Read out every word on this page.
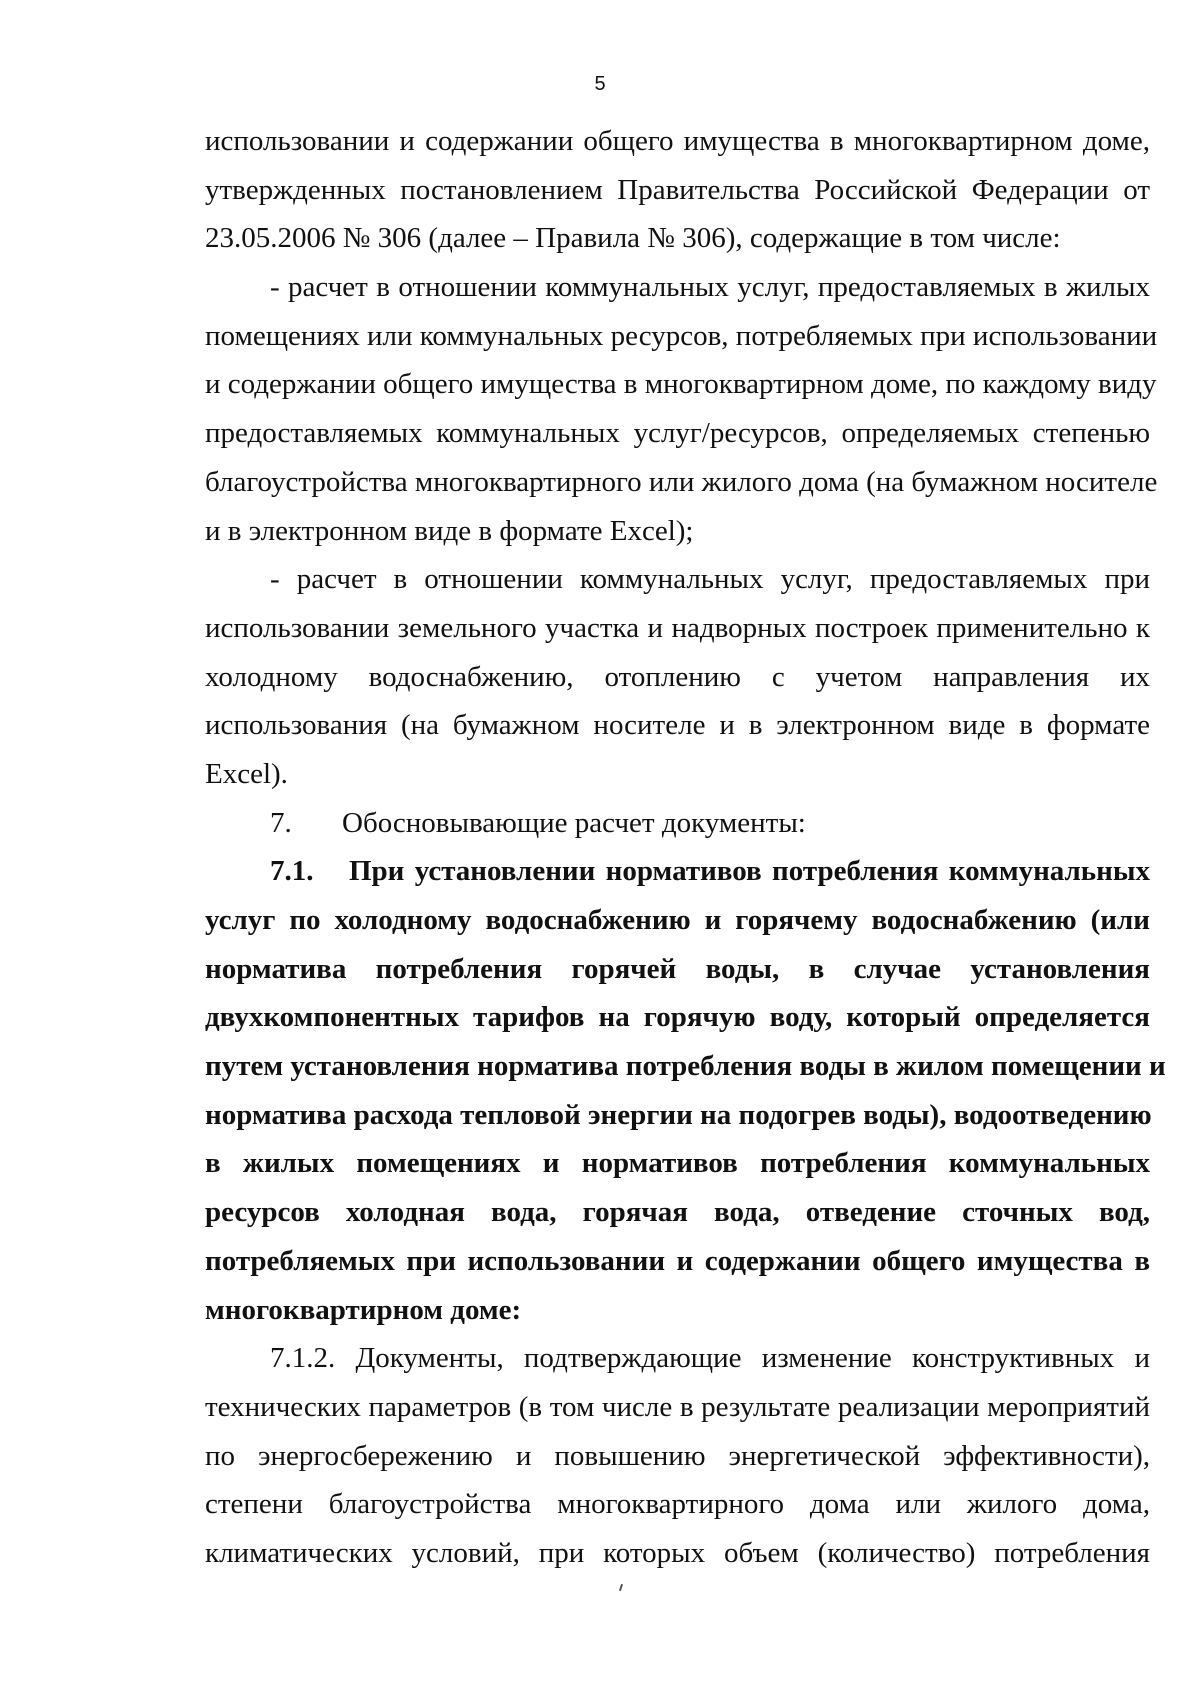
5
использовании и содержании общего имущества в многоквартирном доме,
утвержденных постановлением Правительства Российской Федерации от
23.05.2006 № 306 (далее – Правила № 306), содержащие в том числе:
- расчет в отношении коммунальных услуг, предоставляемых в жилых
помещениях или коммунальных ресурсов, потребляемых при использовании
и содержании общего имущества в многоквартирном доме, по каждому виду
предоставляемых коммунальных услуг/ресурсов, определяемых степенью
благоустройства многоквартирного или жилого дома (на бумажном носителе
и в электронном виде в формате Excel);
- расчет в отношении коммунальных услуг, предоставляемых при
использовании земельного участка и надворных построек применительно к
холодному водоснабжению, отоплению с учетом направления их
использования (на бумажном носителе и в электронном виде в формате
Excel).
7. Обосновывающие расчет документы:
7.1. При установлении нормативов потребления коммунальных
услуг по холодному водоснабжению и горячему водоснабжению (или
норматива потребления горячей воды, в случае установления
двухкомпонентных тарифов на горячую воду, который определяется
путем установления норматива потребления воды в жилом помещении и
норматива расхода тепловой энергии на подогрев воды), водоотведению
в жилых помещениях и нормативов потребления коммунальных
ресурсов холодная вода, горячая вода, отведение сточных вод,
потребляемых при использовании и содержании общего имущества в
многоквартирном доме:
7.1.2. Документы, подтверждающие изменение конструктивных и
технических параметров (в том числе в результате реализации мероприятий
по энергосбережению и повышению энергетической эффективности),
степени благоустройства многоквартирного дома или жилого дома,
климатических условий, при которых объем (количество) потребления
